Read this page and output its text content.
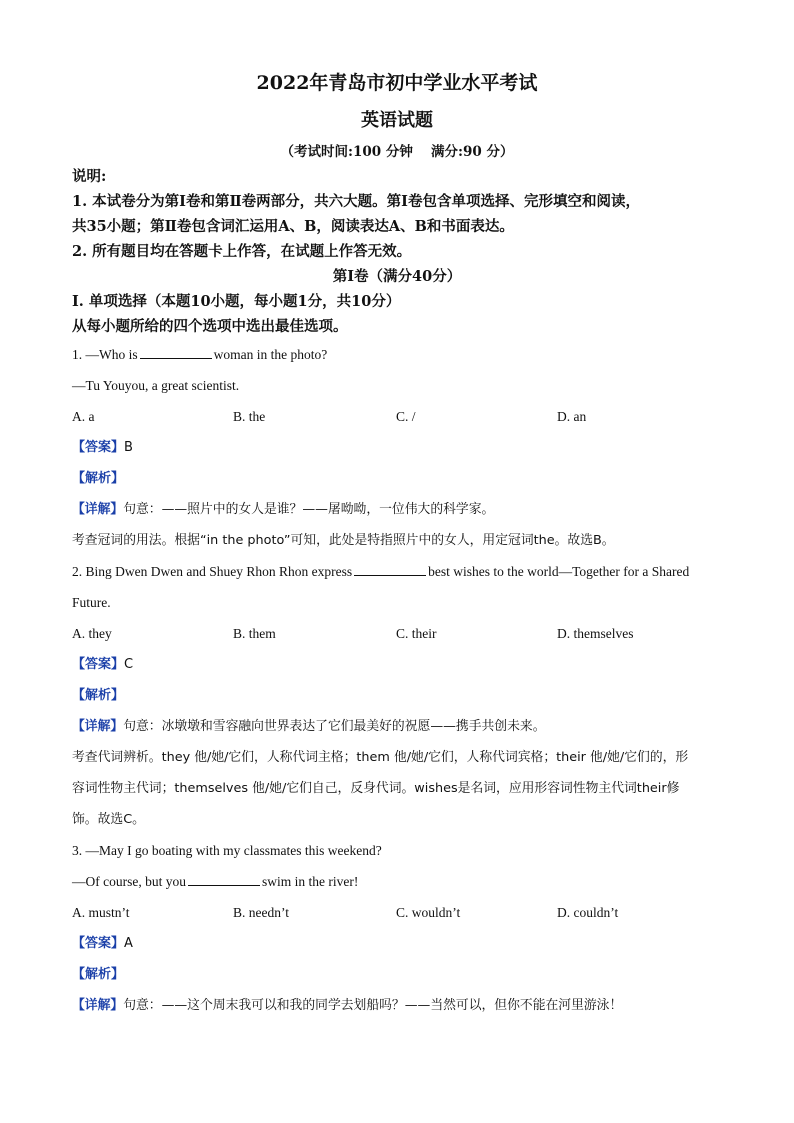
2022年青岛市初中学业水平考试
英语试题
（考试时间:100 分钟　 满分:90 分）
说明:
1. 本试卷分为第Ⅰ卷和第Ⅱ卷两部分，共六大题。第Ⅰ卷包含单项选择、完形填空和阅读，
共35小题；第Ⅱ卷包含词汇运用A、B，阅读表达A、B和书面表达。
2. 所有题目均在答题卡上作答，在试题上作答无效。
第Ⅰ卷（满分40分）
I. 单项选择（本题10小题，每小题1分，共10分）
从每小题所给的四个选项中选出最佳选项。
1. —Who is	woman in the photo?
—Tu Youyou, a great scientist.
A. a	B. the	C. /	D. an
【答案】B
【解析】
【详解】句意：——照片中的女人是谁？——屠呦呦，一位伟大的科学家。
考查冠词的用法。根据“in the photo”可知，此处是特指照片中的女人，用定冠词the。故选B。
2. Bing Dwen Dwen and Shuey Rhon Rhon express	best wishes to the world—Together for a Shared
Future.
A. they	B. them	C. their	D. themselves
【答案】C
【解析】
【详解】句意：冰墩墩和雪容融向世界表达了它们最美好的祝愿——携手共创未来。
考查代词辨析。they 他/她/它们，人称代词主格；them 他/她/它们，人称代词宾格；their 他/她/它们的，形
容词性物主代词；themselves 他/她/它们自己，反身代词。wishes是名词，应用形容词性物主代词their修
饰。故选C。
3. —May I go boating with my classmates this weekend?
—Of course, but you	swim in the river!
A. mustn’t	B. needn’t	C. wouldn’t	D. couldn’t
【答案】A
【解析】
【详解】句意：——这个周末我可以和我的同学去划船吗？——当然可以，但你不能在河里游泳！
